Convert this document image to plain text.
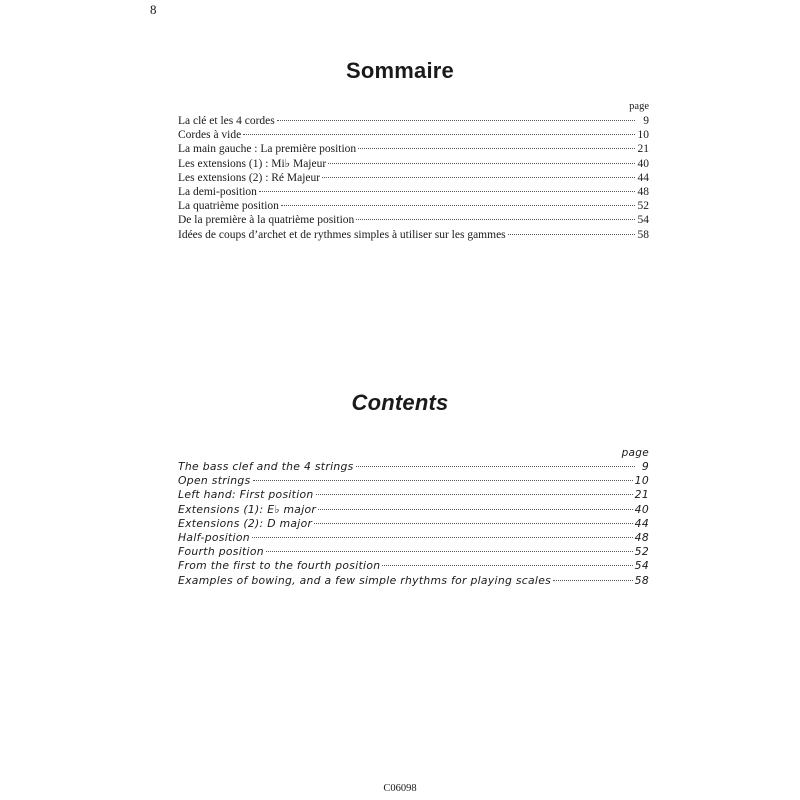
8
Sommaire
page
La clé et les 4 cordes	9
Cordes à vide	10
La main gauche : La première position	21
Les extensions (1) : Mi♭ Majeur	40
Les extensions (2) : Ré Majeur	44
La demi-position	48
La quatrième position	52
De la première à la quatrième position	54
Idées de coups d’archet et de rythmes simples à utiliser sur les gammes	58
Contents
page
The bass clef and the 4 strings	9
Open strings	10
Left hand: First position	21
Extensions (1): E♭ major	40
Extensions (2): D major	44
Half-position	48
Fourth position	52
From the first to the fourth position	54
Examples of bowing, and a few simple rhythms for playing scales	58
C06098
